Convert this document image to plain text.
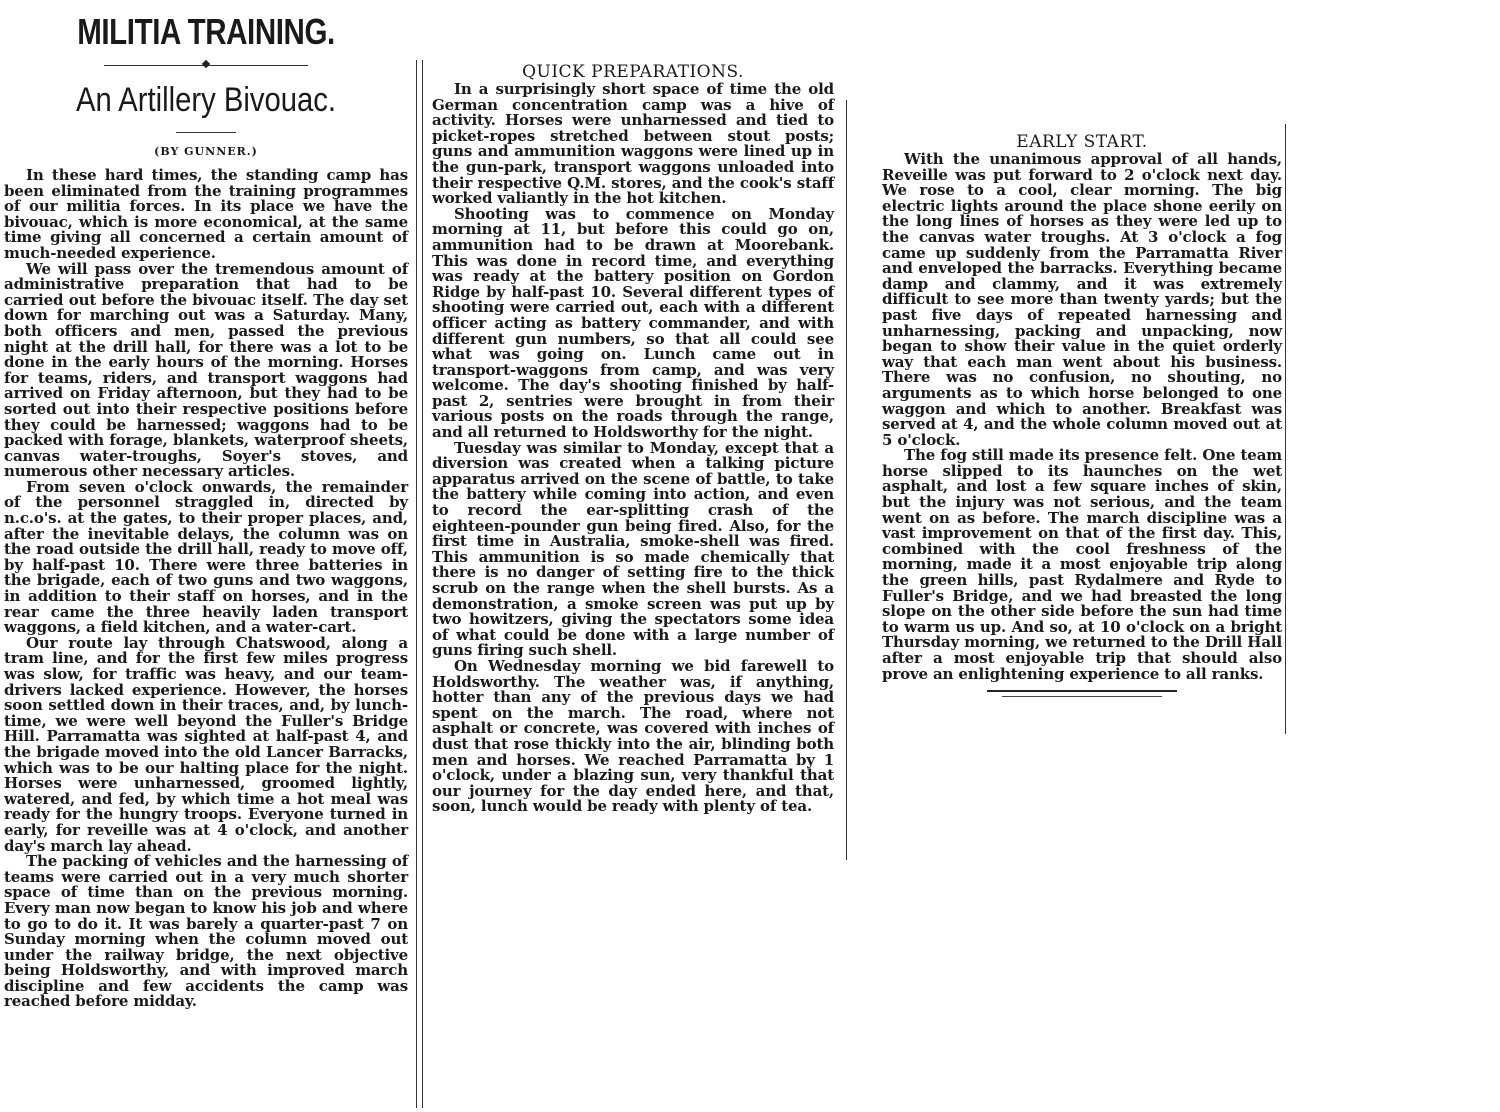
MILITIA TRAINING.
An Artillery Bivouac.
(BY GUNNER.)

In these hard times, the standing camp has been eliminated from the training programmes of our militia forces. In its place we have the bivouac, which is more economical, at the same time giving all concerned a certain amount of much-needed experience.

We will pass over the tremendous amount of administrative preparation that had to be carried out before the bivouac itself. The day set down for marching out was a Saturday. Many, both officers and men, passed the previous night at the drill hall, for there was a lot to be done in the early hours of the morning. Horses for teams, riders, and transport waggons had arrived on Friday afternoon, but they had to be sorted out into their respective positions before they could be harnessed; waggons had to be packed with forage, blankets, waterproof sheets, canvas water-troughs, Soyer's stoves, and numerous other necessary articles.

From seven o'clock onwards, the remainder of the personnel straggled in, directed by n.c.o's. at the gates, to their proper places, and, after the inevitable delays, the column was on the road outside the drill hall, ready to move off, by half-past 10. There were three batteries in the brigade, each of two guns and two waggons, in addition to their staff on horses, and in the rear came the three heavily laden transport waggons, a field kitchen, and a water-cart.

Our route lay through Chatswood, along a tram line, and for the first few miles progress was slow, for traffic was heavy, and our team-drivers lacked experience. However, the horses soon settled down in their traces, and, by lunch-time, we were well beyond the Fuller's Bridge Hill. Parramatta was sighted at half-past 4, and the brigade moved into the old Lancer Barracks, which was to be our halting place for the night. Horses were unharnessed, groomed lightly, watered, and fed, by which time a hot meal was ready for the hungry troops. Everyone turned in early, for reveille was at 4 o'clock, and another day's march lay ahead.

The packing of vehicles and the harnessing of teams were carried out in a very much shorter space of time than on the previous morning. Every man now began to know his job and where to go to do it. It was barely a quarter-past 7 on Sunday morning when the column moved out under the railway bridge, the next objective being Holdsworthy, and with improved march discipline and few accidents the camp was reached before midday.

QUICK PREPARATIONS.

In a surprisingly short space of time the old German concentration camp was a hive of activity. Horses were unharnessed and tied to picket-ropes stretched between stout posts; guns and ammunition waggons were lined up in the gun-park, transport waggons unloaded into their respective Q.M. stores, and the cook's staff worked valiantly in the hot kitchen.

Shooting was to commence on Monday morning at 11, but before this could go on, ammunition had to be drawn at Moorebank. This was done in record time, and everything was ready at the battery position on Gordon Ridge by half-past 10. Several different types of shooting were carried out, each with a different officer acting as battery commander, and with different gun numbers, so that all could see what was going on. Lunch came out in transport-waggons from camp, and was very welcome. The day's shooting finished by half-past 2, sentries were brought in from their various posts on the roads through the range, and all returned to Holdsworthy for the night.

Tuesday was similar to Monday, except that a diversion was created when a talking picture apparatus arrived on the scene of battle, to take the battery while coming into action, and even to record the ear-splitting crash of the eighteen-pounder gun being fired. Also, for the first time in Australia, smoke-shell was fired. This ammunition is so made chemically that there is no danger of setting fire to the thick scrub on the range when the shell bursts. As a demonstration, a smoke screen was put up by two howitzers, giving the spectators some idea of what could be done with a large number of guns firing such shell.

On Wednesday morning we bid farewell to Holdsworthy. The weather was, if anything, hotter than any of the previous days we had spent on the march. The road, where not asphalt or concrete, was covered with inches of dust that rose thickly into the air, blinding both men and horses. We reached Parramatta by 1 o'clock, under a blazing sun, very thankful that our journey for the day ended here, and that, soon, lunch would be ready with plenty of tea.

EARLY START.

With the unanimous approval of all hands, Reveille was put forward to 2 o'clock next day. We rose to a cool, clear morning. The big electric lights around the place shone eerily on the long lines of horses as they were led up to the canvas water troughs. At 3 o'clock a fog came up suddenly from the Parramatta River and enveloped the barracks. Everything became damp and clammy, and it was extremely difficult to see more than twenty yards; but the past five days of repeated harnessing and unharnessing, packing and unpacking, now began to show their value in the quiet orderly way that each man went about his business. There was no confusion, no shouting, no arguments as to which horse belonged to one waggon and which to another. Breakfast was served at 4, and the whole column moved out at 5 o'clock.

The fog still made its presence felt. One team horse slipped to its haunches on the wet asphalt, and lost a few square inches of skin, but the injury was not serious, and the team went on as before. The march discipline was a vast improvement on that of the first day. This, combined with the cool freshness of the morning, made it a most enjoyable trip along the green hills, past Rydalmere and Ryde to Fuller's Bridge, and we had breasted the long slope on the other side before the sun had time to warm us up. And so, at 10 o'clock on a bright Thursday morning, we returned to the Drill Hall after a most enjoyable trip that should also prove an enlightening experience to all ranks.
